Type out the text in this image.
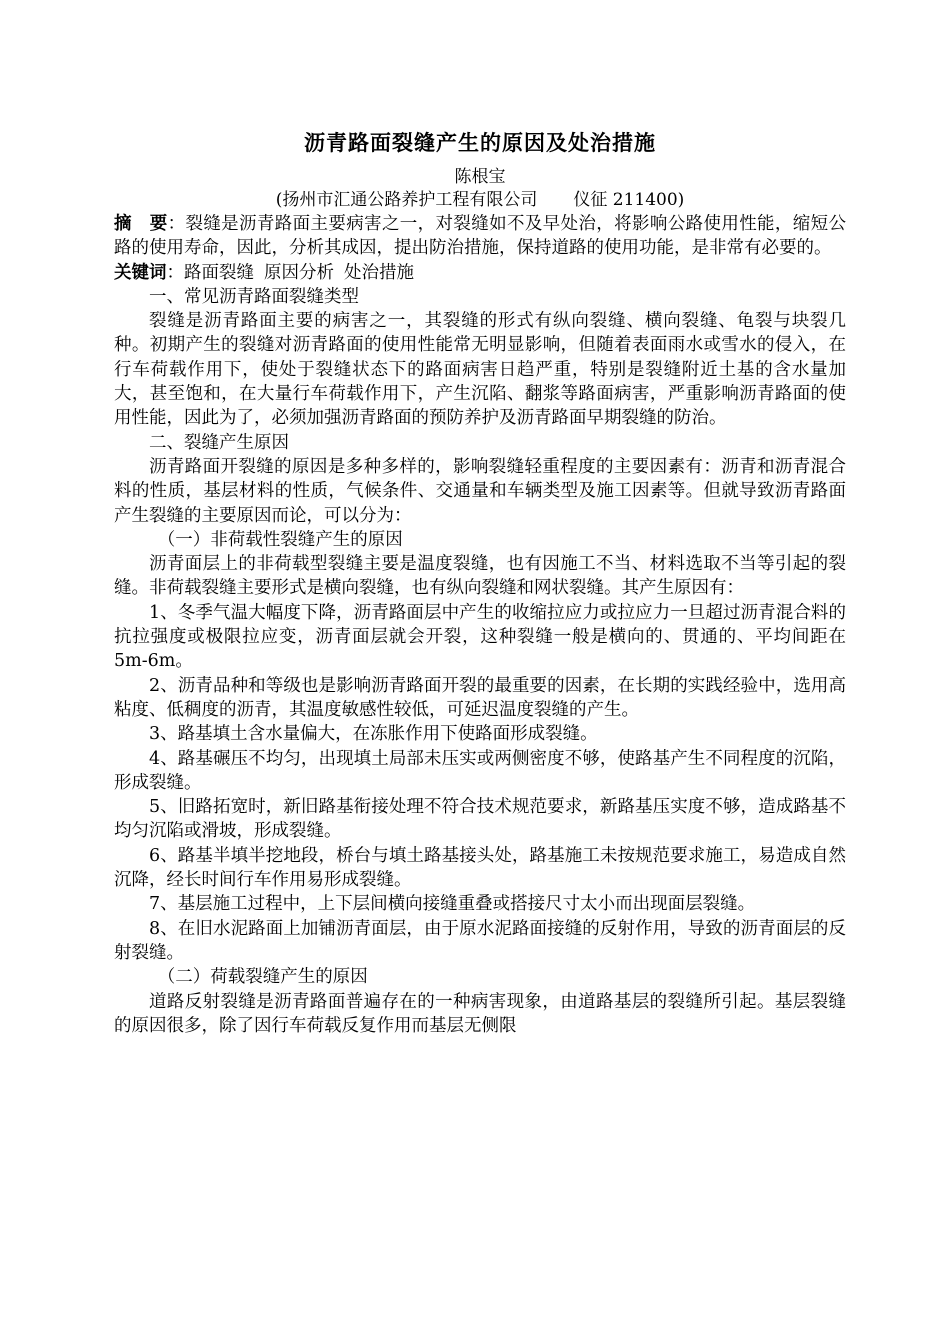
沥青路面裂缝产生的原因及处治措施
陈根宝
(扬州市汇通公路养护工程有限公司 仪征 211400)

摘　要：裂缝是沥青路面主要病害之一，对裂缝如不及早处治，将影响公路使用性能，缩短公路的使用寿命，因此，分析其成因，提出防治措施，保持道路的使用功能，是非常有必要的。

关键词：路面裂缝 原因分析 处治措施

一、常见沥青路面裂缝类型

裂缝是沥青路面主要的病害之一，其裂缝的形式有纵向裂缝、横向裂缝、龟裂与块裂几种。初期产生的裂缝对沥青路面的使用性能常无明显影响，但随着表面雨水或雪水的侵入，在行车荷载作用下，使处于裂缝状态下的路面病害日趋严重，特别是裂缝附近土基的含水量加大，甚至饱和，在大量行车荷载作用下，产生沉陷、翻浆等路面病害，严重影响沥青路面的使用性能，因此为了，必须加强沥青路面的预防养护及沥青路面早期裂缝的防治。

二、裂缝产生原因

沥青路面开裂缝的原因是多种多样的，影响裂缝轻重程度的主要因素有：沥青和沥青混合料的性质，基层材料的性质，气候条件、交通量和车辆类型及施工因素等。但就导致沥青路面产生裂缝的主要原因而论，可以分为：

（一）非荷载性裂缝产生的原因

沥青面层上的非荷载型裂缝主要是温度裂缝，也有因施工不当、材料选取不当等引起的裂缝。非荷载裂缝主要形式是横向裂缝，也有纵向裂缝和网状裂缝。其产生原因有：

1、冬季气温大幅度下降，沥青路面层中产生的收缩拉应力或拉应力一旦超过沥青混合料的抗拉强度或极限拉应变，沥青面层就会开裂，这种裂缝一般是横向的、贯通的、平均间距在5m-6m。

2、沥青品种和等级也是影响沥青路面开裂的最重要的因素，在长期的实践经验中，选用高粘度、低稠度的沥青，其温度敏感性较低，可延迟温度裂缝的产生。

3、路基填土含水量偏大，在冻胀作用下使路面形成裂缝。

4、路基碾压不均匀，出现填土局部未压实或两侧密度不够，使路基产生不同程度的沉陷，形成裂缝。

5、旧路拓宽时，新旧路基衔接处理不符合技术规范要求，新路基压实度不够，造成路基不均匀沉陷或滑坡，形成裂缝。

6、路基半填半挖地段，桥台与填土路基接头处，路基施工未按规范要求施工，易造成自然沉降，经长时间行车作用易形成裂缝。

7、基层施工过程中，上下层间横向接缝重叠或搭接尺寸太小而出现面层裂缝。

8、在旧水泥路面上加铺沥青面层，由于原水泥路面接缝的反射作用，导致的沥青面层的反射裂缝。

（二）荷载裂缝产生的原因

道路反射裂缝是沥青路面普遍存在的一种病害现象，由道路基层的裂缝所引起。基层裂缝的原因很多，除了因行车荷载反复作用而基层无侧限
